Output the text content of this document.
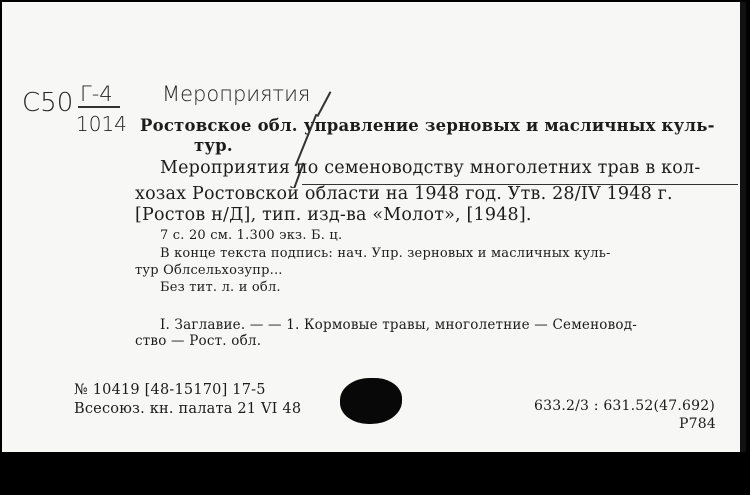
C50 Г-4
1014
Мероприятия
Ростовское обл. управление зерновых и масличных куль-
тур.
Мероприятия по семеноводству многолетних трав в кол-
хозах Ростовской области на 1948 год. Утв. 28/IV 1948 г.
[Ростов н/Д], тип. изд-ва «Молот», [1948].
7 с. 20 см. 1.300 экз. Б. ц.
В конце текста подпись: нач. Упр. зерновых и масличных куль-
тур Облсельхозупр...
Без тит. л. и обл.
I. Заглавие. — — 1. Кормовые травы, многолетние — Семеновод-
ство — Рост. обл.
№ 10419 [48-15170] 17-5
Всесоюз. кн. палата 21 VI 48	633.2/3 : 631.52(47.692)
Р784
